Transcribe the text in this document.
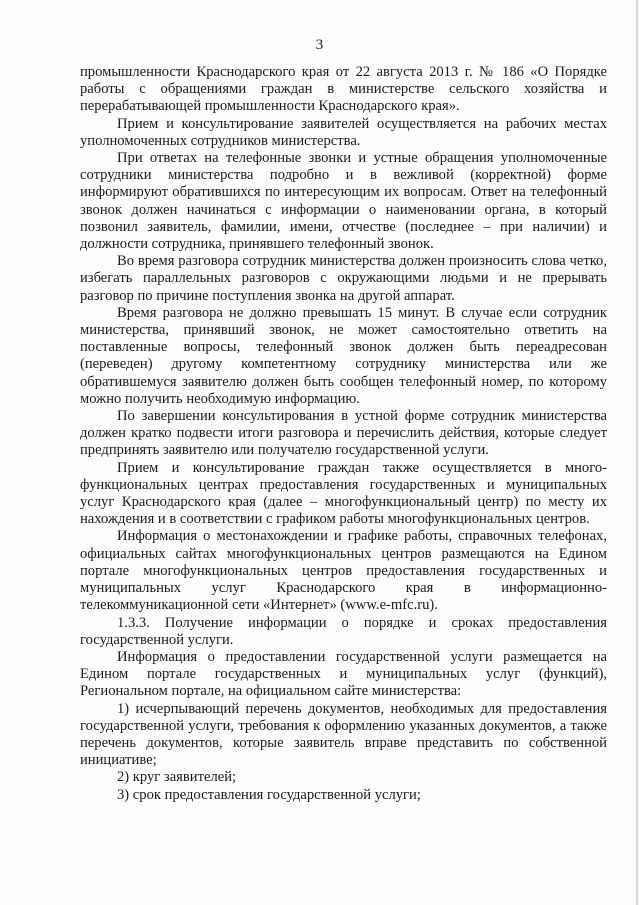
3

промышленности Краснодарского края от 22 августа 2013 г. № 186 «О Порядке работы с обращениями граждан в министерстве сельского хозяйства и перерабатывающей промышленности Краснодарского края».

Прием и консультирование заявителей осуществляется на рабочих местах уполномоченных сотрудников министерства.

При ответах на телефонные звонки и устные обращения уполномоченные сотрудники министерства подробно и в вежливой (корректной) форме информируют обратившихся по интересующим их вопросам. Ответ на телефонный звонок должен начинаться с информации о наименовании органа, в который позвонил заявитель, фамилии, имени, отчестве (последнее – при наличии) и должности сотрудника, принявшего телефонный звонок.

Во время разговора сотрудник министерства должен произносить слова четко, избегать параллельных разговоров с окружающими людьми и не прерывать разговор по причине поступления звонка на другой аппарат.

Время разговора не должно превышать 15 минут. В случае если сотрудник министерства, принявший звонок, не может самостоятельно ответить на поставленные вопросы, телефонный звонок должен быть переадресован (переведен) другому компетентному сотруднику министерства или же обратившемуся заявителю должен быть сообщен телефонный номер, по которому можно получить необходимую информацию.

По завершении консультирования в устной форме сотрудник министерства должен кратко подвести итоги разговора и перечислить действия, которые следует предпринять заявителю или получателю государственной услуги.

Прием и консультирование граждан также осуществляется в многофункциональных центрах предоставления государственных и муниципальных услуг Краснодарского края (далее – многофункциональный центр) по месту их нахождения и в соответствии с графиком работы многофункциональных центров.

Информация о местонахождении и графике работы, справочных телефонах, официальных сайтах многофункциональных центров размещаются на Едином портале многофункциональных центров предоставления государственных и муниципальных услуг Краснодарского края в информационно-телекоммуникационной сети «Интернет» (www.e-mfc.ru).

1.3.3. Получение информации о порядке и сроках предоставления государственной услуги.

Информация о предоставлении государственной услуги размещается на Едином портале государственных и муниципальных услуг (функций), Региональном портале, на официальном сайте министерства:

1) исчерпывающий перечень документов, необходимых для предоставления государственной услуги, требования к оформлению указанных документов, а также перечень документов, которые заявитель вправе представить по собственной инициативе;

2) круг заявителей;

3) срок предоставления государственной услуги;
